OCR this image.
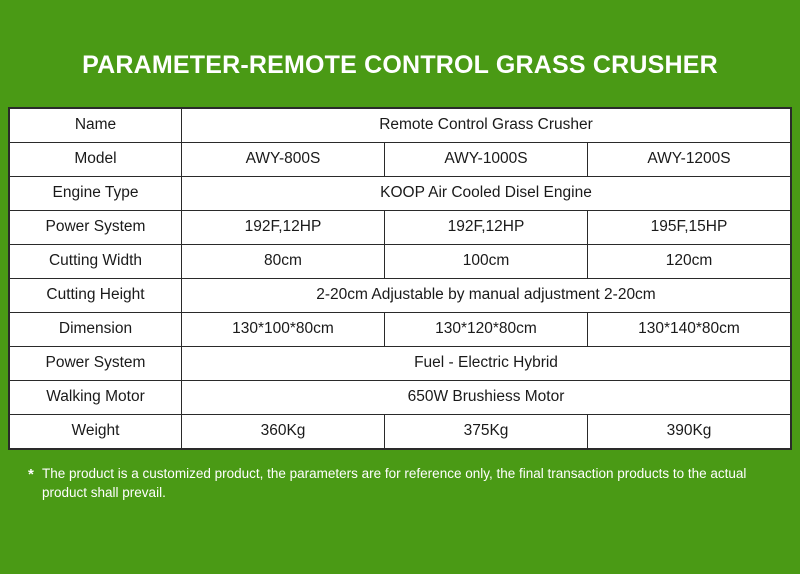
PARAMETER-REMOTE CONTROL GRASS CRUSHER
Name	Remote Control Grass Crusher		
Model	AWY-800S	AWY-1000S	AWY-1200S
Engine Type	KOOP Air Cooled Disel Engine		
Power System	192F,12HP	192F,12HP	195F,15HP
Cutting Width	80cm	100cm	120cm
Cutting Height	2-20cm Adjustable by manual adjustment 2-20cm		
Dimension	130*100*80cm	130*120*80cm	130*140*80cm
Power System	Fuel - Electric Hybrid		
Walking Motor	650W Brushiess Motor		
Weight	360Kg	375Kg	390Kg
* The product is a customized product, the parameters are for reference only, the final transaction products to the actual product shall prevail.
